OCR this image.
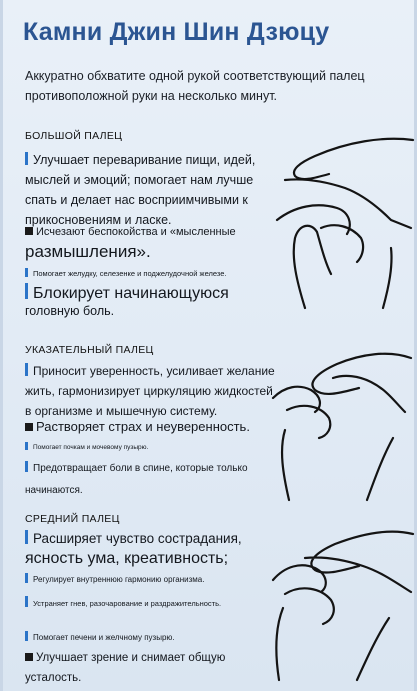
Камни Джин Шин Дзюцу
Аккуратно обхватите одной рукой соответствующий палец противоположной руки на несколько минут.
БОЛЬШОЙ ПАЛЕЦ
Улучшает переваривание пищи, идей, мыслей и эмоций; помогает нам лучше спать и делает нас восприимчивыми к прикосновениям и ласке.
Исчезают беспокойства и «мысленные
размышления».
Помогает желудку, селезенке и поджелудочной железе.
Блокирует начинающуюся
головную боль.
УКАЗАТЕЛЬНЫЙ ПАЛЕЦ
Приносит уверенность, усиливает желание жить, гармонизирует циркуляцию жидкостей в организме и мышечную систему.
Растворяет страх и неуверенность.
Помогает почкам и мочевому пузырю.
Предотвращает боли в спине, которые только начинаются.
СРЕДНИЙ ПАЛЕЦ
Расширяет чувство сострадания,
ясность ума, креативность;
Регулирует внутреннюю гармонию организма.
Устраняет гнев, разочарование и раздражительность.
Помогает печени и желчному пузырю.
Улучшает зрение и снимает общую усталость.
